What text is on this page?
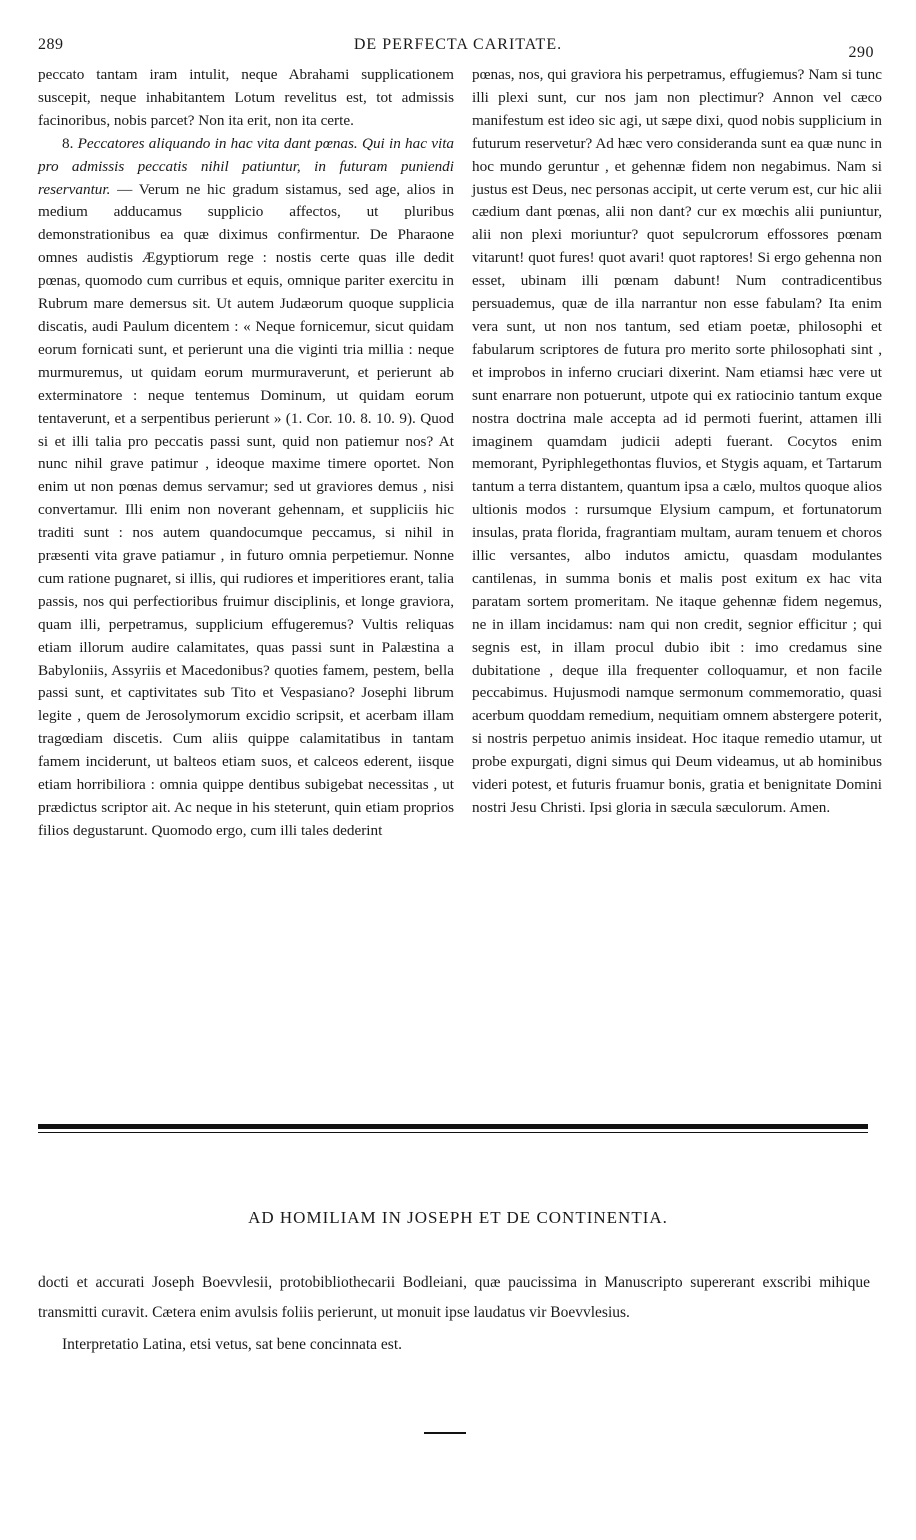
289	DE PERFECTA CARITATE.	290

peccato tantam iram intulit, neque Abrahami supplicationem suscepit, neque inhabitantem Lotum revelitus est, tot admissis facinoribus, nobis parcet? Non ita erit, non ita certe.

8. Peccatores aliquando in hac vita dant pœnas. Qui in hac vita pro admissis peccatis nihil patiuntur, in futuram puniendi reservantur. — Verum ne hic gradum sistamus, sed age, alios in medium adducamus supplicio affectos, ut pluribus demonstrationibus ea quæ diximus confirmentur. De Pharaone omnes audistis Ægyptiorum rege : nostis certe quas ille dedit pœnas, quomodo cum curribus et equis, omnique pariter exercitu in Rubrum mare demersus sit. Ut autem Judæorum quoque supplicia discatis, audi Paulum dicentem : « Neque fornicemur, sicut quidam eorum fornicati sunt, et perierunt una die viginti tria millia : neque murmuremus, ut quidam eorum murmuraverunt, et perierunt ab exterminatore : neque tentemus Dominum, ut quidam eorum tentaverunt, et a serpentibus perierunt » (1. Cor. 10. 8. 10. 9). Quod si et illi talia pro peccatis passi sunt, quid non patiemur nos? At nunc nihil grave patimur , ideoque maxime timere oportet. Non enim ut non pœnas demus servamur; sed ut graviores demus , nisi convertamur. Illi enim non noverant gehennam, et suppliciis hic traditi sunt : nos autem quandocumque peccamus, si nihil in præsenti vita grave patiamur , in futuro omnia perpetiemur. Nonne cum ratione pugnaret, si illis, qui rudiores et imperitiores erant, talia passis, nos qui perfectioribus fruimur disciplinis, et longe graviora, quam illi, perpetramus, supplicium effugeremus? Vultis reliquas etiam illorum audire calamitates, quas passi sunt in Palæstina a Babyloniis, Assyriis et Macedonibus? quoties famem, pestem, bella passi sunt, et captivitates sub Tito et Vespasiano? Josephi librum legite , quem de Jerosolymorum excidio scripsit, et acerbam illam tragœdiam discetis. Cum aliis quippe calamitatibus in tantam famem inciderunt, ut balteos etiam suos, et calceos ederent, iisque etiam horribiliora : omnia quippe dentibus subigebat necessitas , ut prædictus scriptor ait. Ac neque in his steterunt, quin etiam proprios filios degustarunt. Quomodo ergo, cum illi tales dederint

pœnas, nos, qui graviora his perpetramus, effugiemus? Nam si tunc illi plexi sunt, cur nos jam non plectimur? Annon vel cæco manifestum est ideo sic agi, ut sæpe dixi, quod nobis supplicium in futurum reservetur? Ad hæc vero consideranda sunt ea quæ nunc in hoc mundo geruntur , et gehennæ fidem non negabimus. Nam si justus est Deus, nec personas accipit, ut certe verum est, cur hic alii cædium dant pœnas, alii non dant? cur ex mœchis alii puniuntur, alii non plexi moriuntur? quot sepulcrorum effossores pœnam vitarunt! quot fures! quot avari! quot raptores! Si ergo gehenna non esset, ubinam illi pœnam dabunt! Num contradicentibus persuademus, quæ de illa narrantur non esse fabulam? Ita enim vera sunt, ut non nos tantum, sed etiam poetæ, philosophi et fabularum scriptores de futura pro merito sorte philosophati sint , et improbos in inferno cruciari dixerint. Nam etiamsi hæc vere ut sunt enarrare non potuerunt, utpote qui ex ratiocinio tantum exque nostra doctrina male accepta ad id permoti fuerint, attamen illi imaginem quamdam judicii adepti fuerant. Cocytos enim memorant, Pyriphlegethontas fluvios, et Stygis aquam, et Tartarum tantum a terra distantem, quantum ipsa a cælo, multos quoque alios ultionis modos : rursumque Elysium campum, et fortunatorum insulas, prata florida, fragrantiam multam, auram tenuem et choros illic versantes, albo indutos amictu, quasdam modulantes cantilenas, in summa bonis et malis post exitum ex hac vita paratam sortem promeritam. Ne itaque gehennæ fidem negemus, ne in illam incidamus: nam qui non credit, segnior efficitur ; qui segnis est, in illam procul dubio ibit : imo credamus sine dubitatione , deque illa frequenter colloquamur, et non facile peccabimus. Hujusmodi namque sermonum commemoratio, quasi acerbum quoddam remedium, nequitiam omnem abstergere poterit, si nostris perpetuo animis insideat. Hoc itaque remedio utamur, ut probe expurgati, digni simus qui Deum videamus, ut ab hominibus videri potest, et futuris fruamur bonis, gratia et benignitate Domini nostri Jesu Christi. Ipsi gloria in sæcula sæculorum. Amen.

AD HOMILIAM IN JOSEPH ET DE CONTINENTIA.

docti et accurati Joseph Boevvlesii, protobibliothecarii Bodleiani, quæ paucissima in Manuscripto supererant exscribi mihique transmitti curavit. Cætera enim avulsis foliis perierunt, ut monuit ipse laudatus vir Boevvlesius.

Interpretatio Latina, etsi vetus, sat bene concinnata est.
